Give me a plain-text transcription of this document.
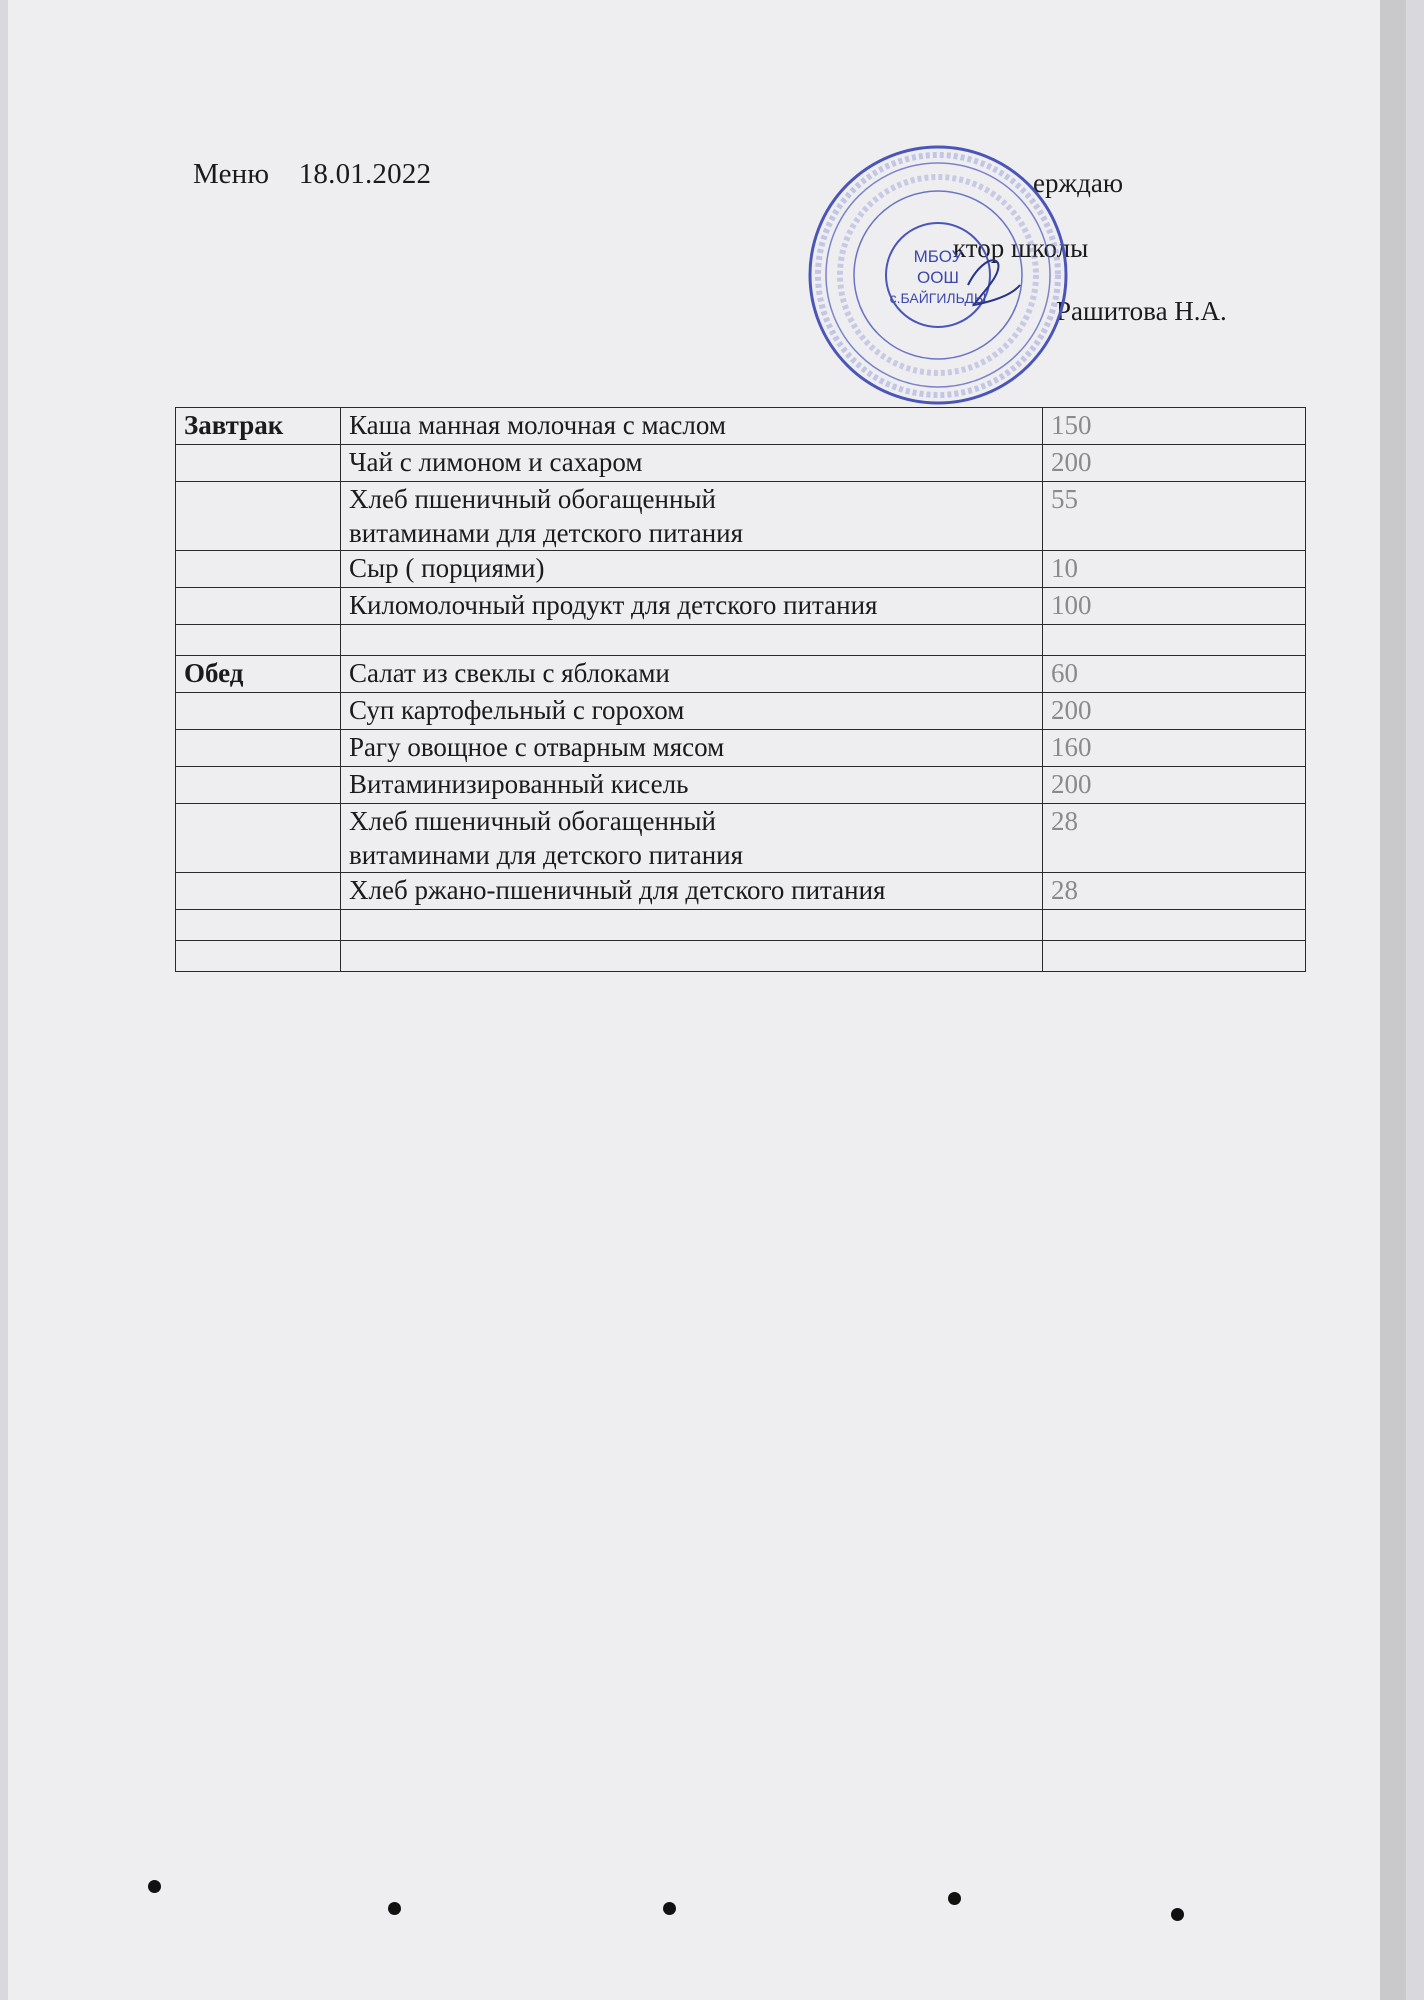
Меню 18.01.2022	ерждаю
ктор школы
Рашитова Н.А.
МБОУ
ООШ
с.БАЙГИЛЬДЫ
Завтрак	Каша манная молочная с маслом	150
	Чай с лимоном и сахаром	200
	Хлеб пшеничный обогащенный
витаминами для детского питания	55
	Сыр ( порциями)	10
	Киломолочный продукт для детского питания	100

Обед	Салат из свеклы с яблоками	60
	Суп картофельный с горохом	200
	Рагу овощное с отварным мясом	160
	Витаминизированный кисель	200
	Хлеб пшеничный обогащенный
витаминами для детского питания	28
	Хлеб ржано-пшеничный для детского питания	28
